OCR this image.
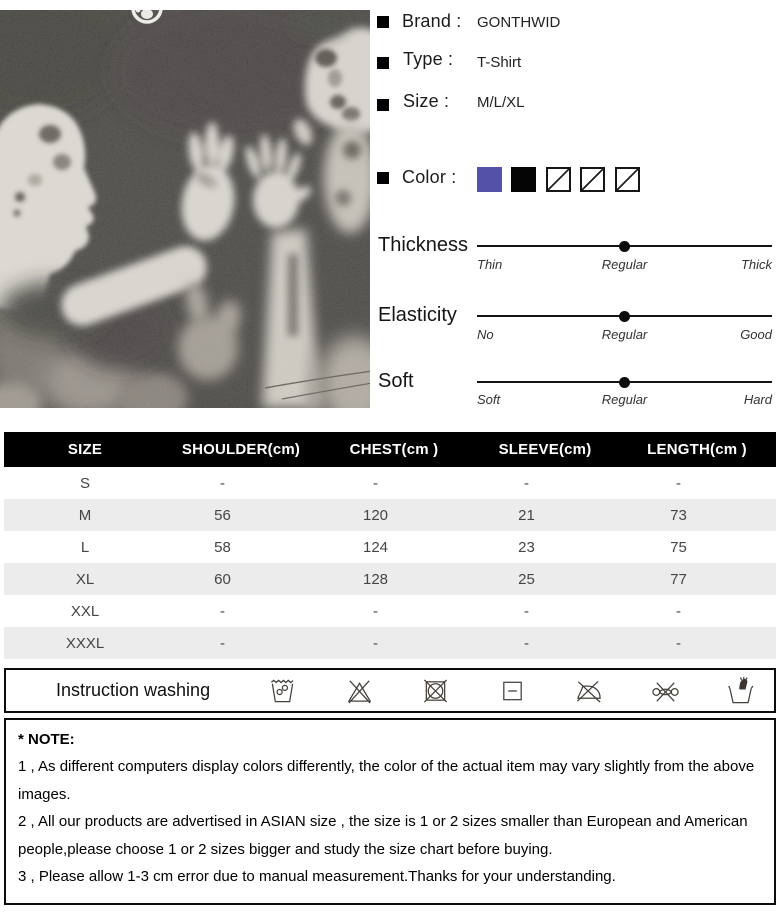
Brand : GONTHWID
Type : T-Shirt
Size : M/L/XL
Color :
Thickness
Thin	Regular	Thick
Elasticity
No	Regular	Good
Soft
Soft	Regular	Hard
SIZE	SHOULDER(cm)	CHEST(cm )	SLEEVE(cm)	LENGTH(cm )
S	-	-	-	-
M	56	120	21	73
L	58	124	23	75
XL	60	128	25	77
XXL	-	-	-	-
XXXL	-	-	-	-
Instruction washing
* NOTE:
1 , As different computers display colors differently, the color of the actual item may vary slightly from the above images.
2 , All our products are advertised in ASIAN size , the size is 1 or 2 sizes smaller than European and American people,please choose 1 or 2 sizes bigger and study the size chart before buying.
3 , Please allow 1-3 cm error due to manual measurement.Thanks for your understanding.
